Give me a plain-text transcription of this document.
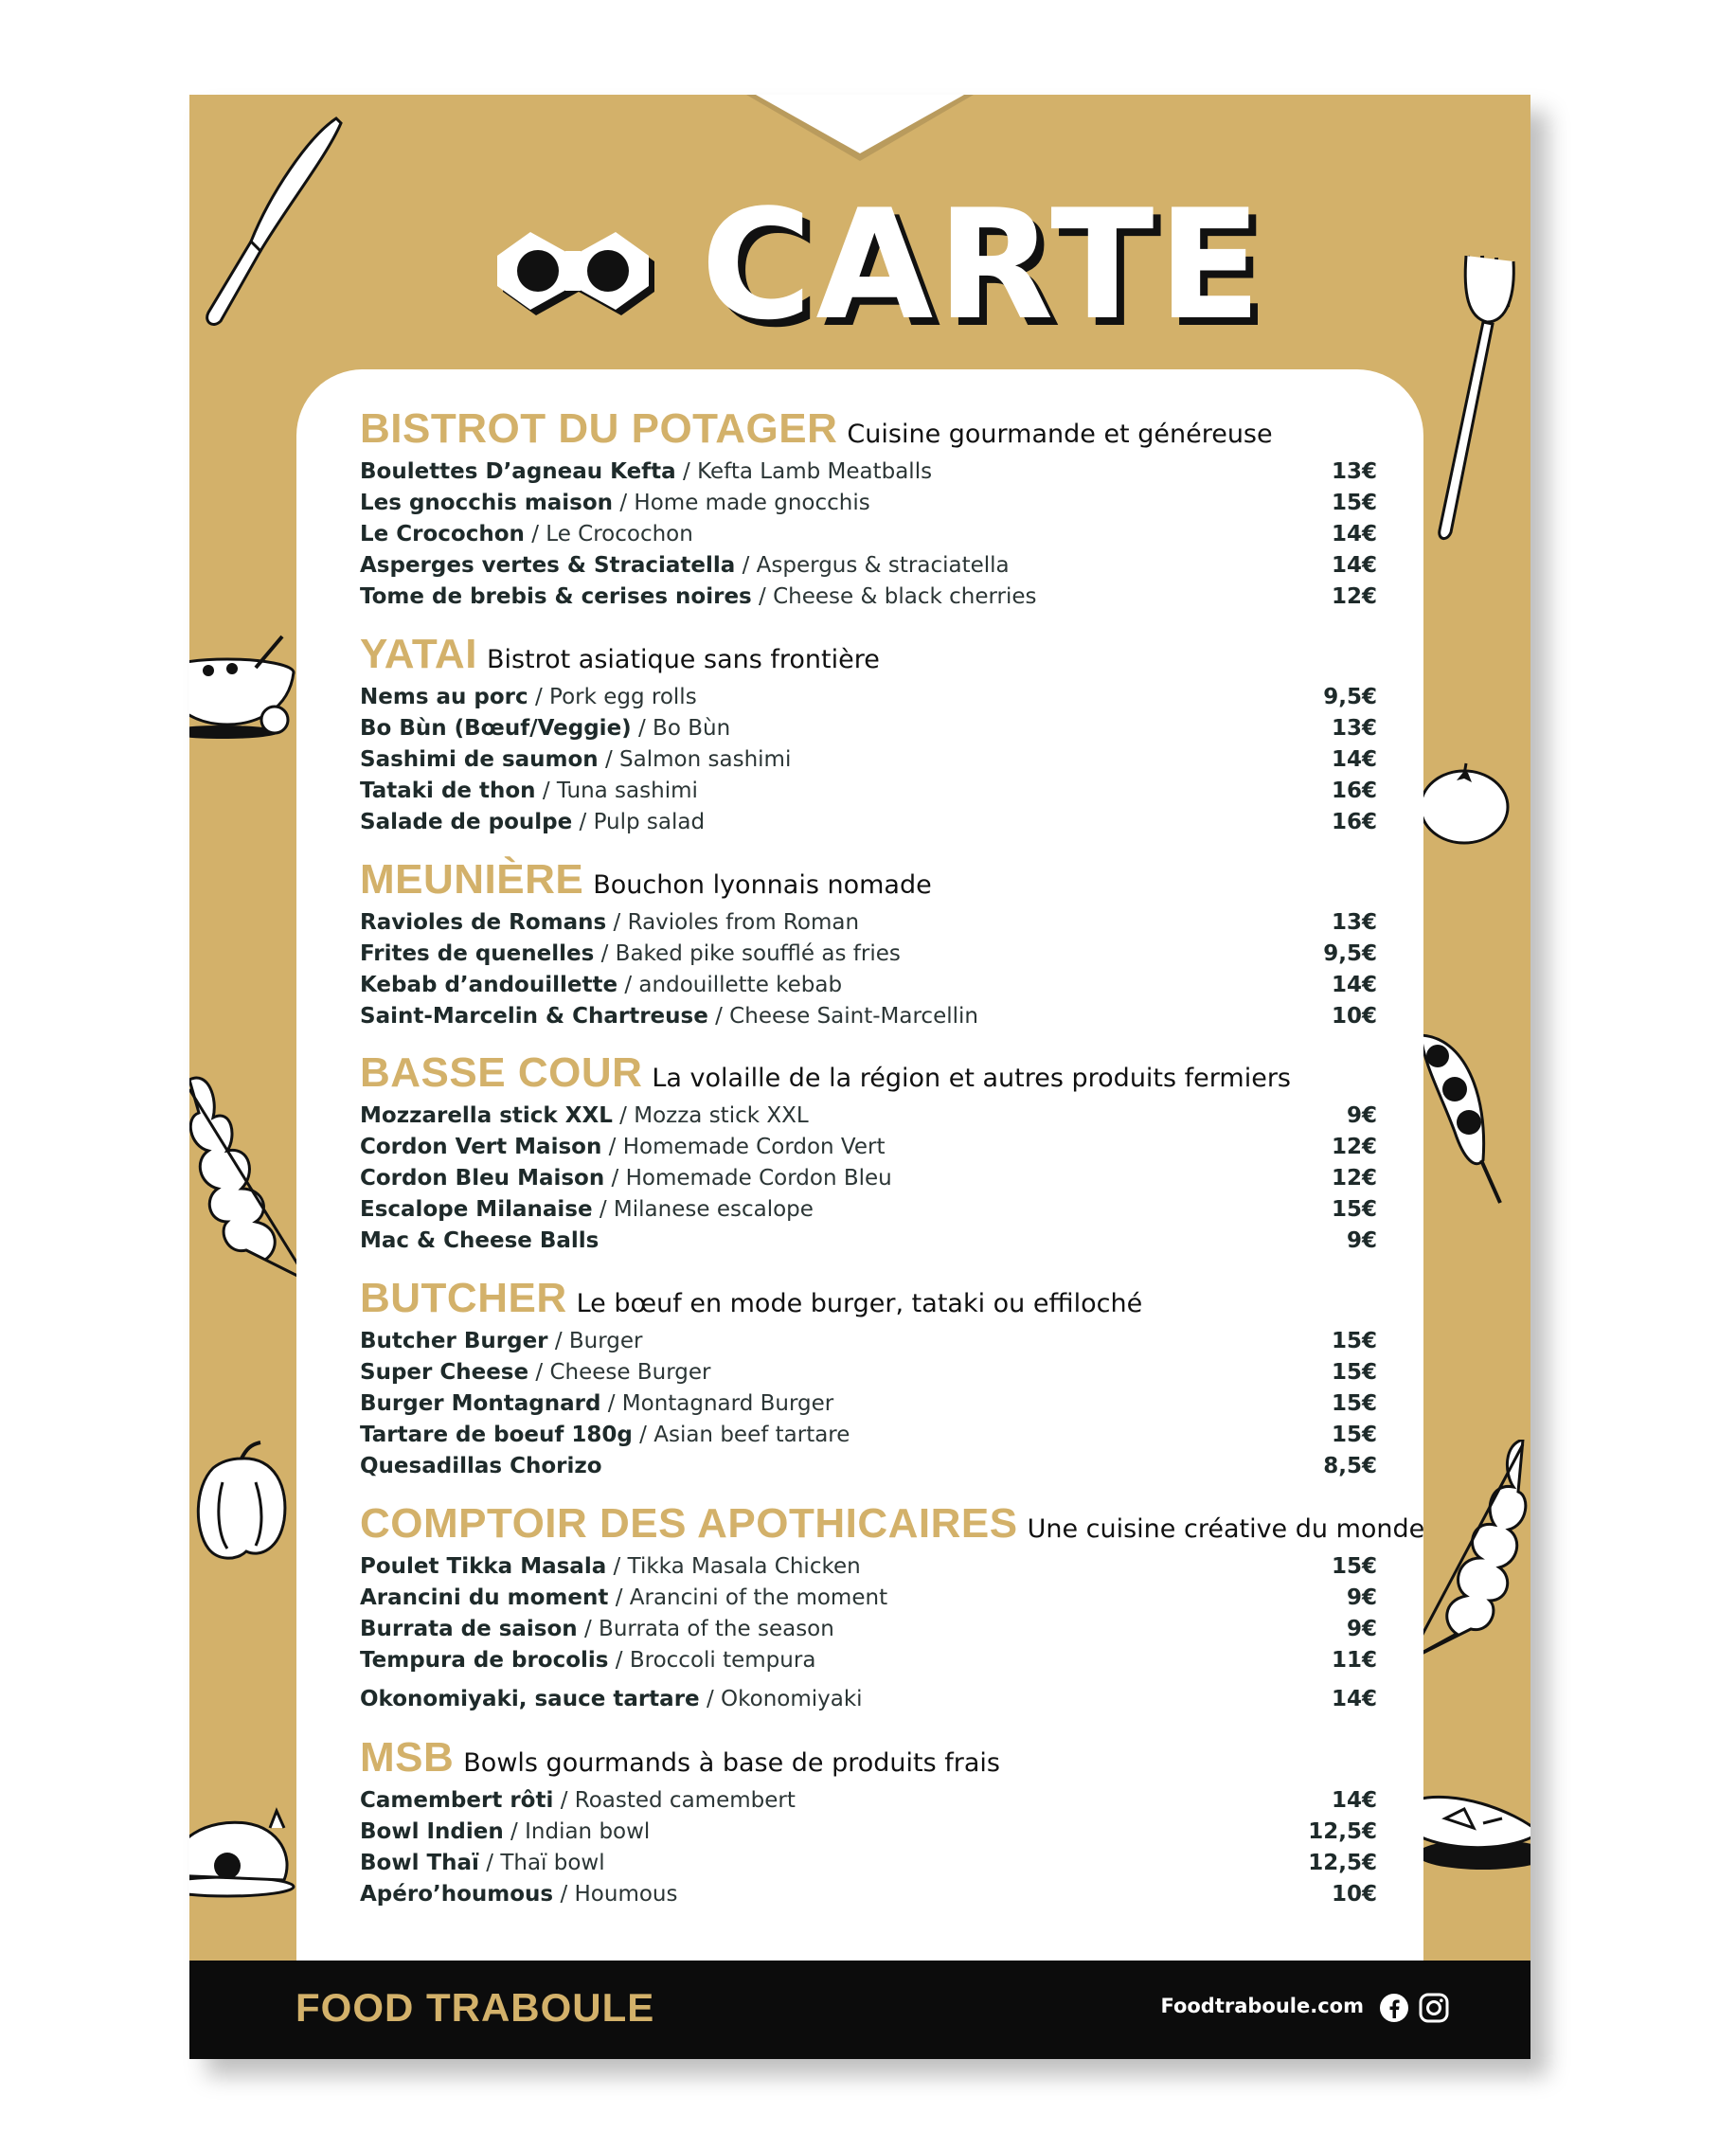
CARTE
BISTROT DU POTAGER Cuisine gourmande et généreuse
Boulettes D’agneau Kefta / Kefta Lamb Meatballs	13€
Les gnocchis maison / Home made gnocchis	15€
Le Crocochon / Le Crocochon	14€
Asperges vertes & Straciatella / Aspergus & straciatella	14€
Tome de brebis & cerises noires / Cheese & black cherries	12€
YATAI Bistrot asiatique sans frontière
Nems au porc / Pork egg rolls	9,5€
Bo Bùn (Bœuf/Veggie) / Bo Bùn	13€
Sashimi de saumon / Salmon sashimi	14€
Tataki de thon / Tuna sashimi	16€
Salade de poulpe / Pulp salad	16€
MEUNIÈRE Bouchon lyonnais nomade
Ravioles de Romans / Ravioles from Roman	13€
Frites de quenelles / Baked pike soufflé as fries	9,5€
Kebab d’andouillette / andouillette kebab	14€
Saint-Marcelin & Chartreuse / Cheese Saint-Marcellin	10€
BASSE COUR La volaille de la région et autres produits fermiers
Mozzarella stick XXL / Mozza stick XXL	9€
Cordon Vert Maison / Homemade Cordon Vert	12€
Cordon Bleu Maison / Homemade Cordon Bleu	12€
Escalope Milanaise / Milanese escalope	15€
Mac & Cheese Balls	9€
BUTCHER Le bœuf en mode burger, tataki ou effiloché
Butcher Burger / Burger	15€
Super Cheese / Cheese Burger	15€
Burger Montagnard / Montagnard Burger	15€
Tartare de boeuf 180g / Asian beef tartare	15€
Quesadillas Chorizo	8,5€
COMPTOIR DES APOTHICAIRES Une cuisine créative du monde
Poulet Tikka Masala / Tikka Masala Chicken	15€
Arancini du moment / Arancini of the moment	9€
Burrata de saison / Burrata of the season	9€
Tempura de brocolis / Broccoli tempura	11€
Okonomiyaki, sauce tartare / Okonomiyaki	14€
MSB Bowls gourmands à base de produits frais
Camembert rôti / Roasted camembert	14€
Bowl Indien / Indian bowl	12,5€
Bowl Thaï / Thaï bowl	12,5€
Apéro’houmous / Houmous	10€
FOOD TRABOULE	Foodtraboule.com
